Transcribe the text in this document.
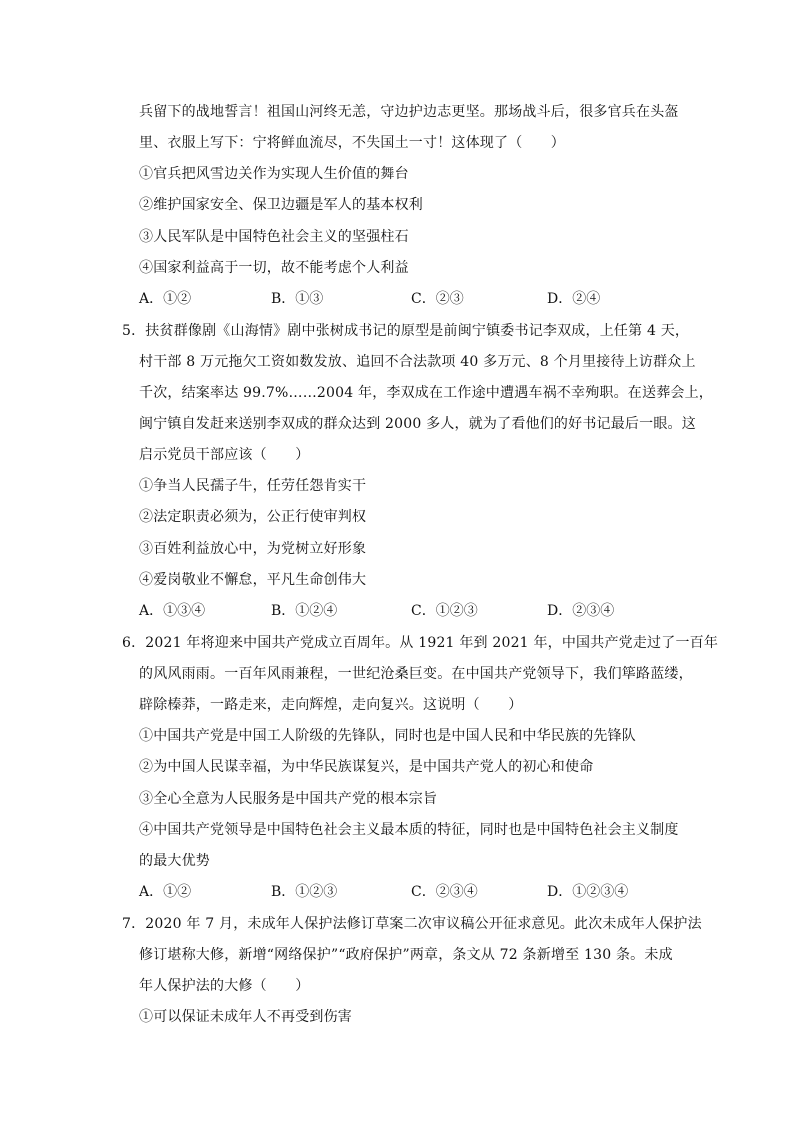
兵留下的战地誓言！祖国山河终无恙，守边护边志更坚。那场战斗后，很多官兵在头盔
里、衣服上写下：宁将鲜血流尽，不失国土一寸！这体现了（　　）
①官兵把风雪边关作为实现人生价值的舞台
②维护国家安全、保卫边疆是军人的基本权利
③人民军队是中国特色社会主义的坚强柱石
④国家利益高于一切，故不能考虑个人利益
A．①②	B．①③	C．②③	D．②④
5．扶贫群像剧《山海情》剧中张树成书记的原型是前闽宁镇委书记李双成，上任第 4 天，
村干部 8 万元拖欠工资如数发放、追回不合法款项 40 多万元、8 个月里接待上访群众上
千次，结案率达 99.7%……2004 年，李双成在工作途中遭遇车祸不幸殉职。在送葬会上，
闽宁镇自发赶来送别李双成的群众达到 2000 多人，就为了看他们的好书记最后一眼。这
启示党员干部应该（　　）
①争当人民孺子牛，任劳任怨肯实干
②法定职责必须为，公正行使审判权
③百姓利益放心中，为党树立好形象
④爱岗敬业不懈怠，平凡生命创伟大
A．①③④	B．①②④	C．①②③	D．②③④
6．2021 年将迎来中国共产党成立百周年。从 1921 年到 2021 年，中国共产党走过了一百年
的风风雨雨。一百年风雨兼程，一世纪沧桑巨变。在中国共产党领导下，我们筚路蓝缕，
辟除榛莽，一路走来，走向辉煌，走向复兴。这说明（　　）
①中国共产党是中国工人阶级的先锋队，同时也是中国人民和中华民族的先锋队
②为中国人民谋幸福，为中华民族谋复兴，是中国共产党人的初心和使命
③全心全意为人民服务是中国共产党的根本宗旨
④中国共产党领导是中国特色社会主义最本质的特征，同时也是中国特色社会主义制度
的最大优势
A．①②	B．①②③	C．②③④	D．①②③④
7．2020 年 7 月，未成年人保护法修订草案二次审议稿公开征求意见。此次未成年人保护法
修订堪称大修，新增“网络保护”“政府保护”两章，条文从 72 条新增至 130 条。未成
年人保护法的大修（　　）
①可以保证未成年人不再受到伤害
